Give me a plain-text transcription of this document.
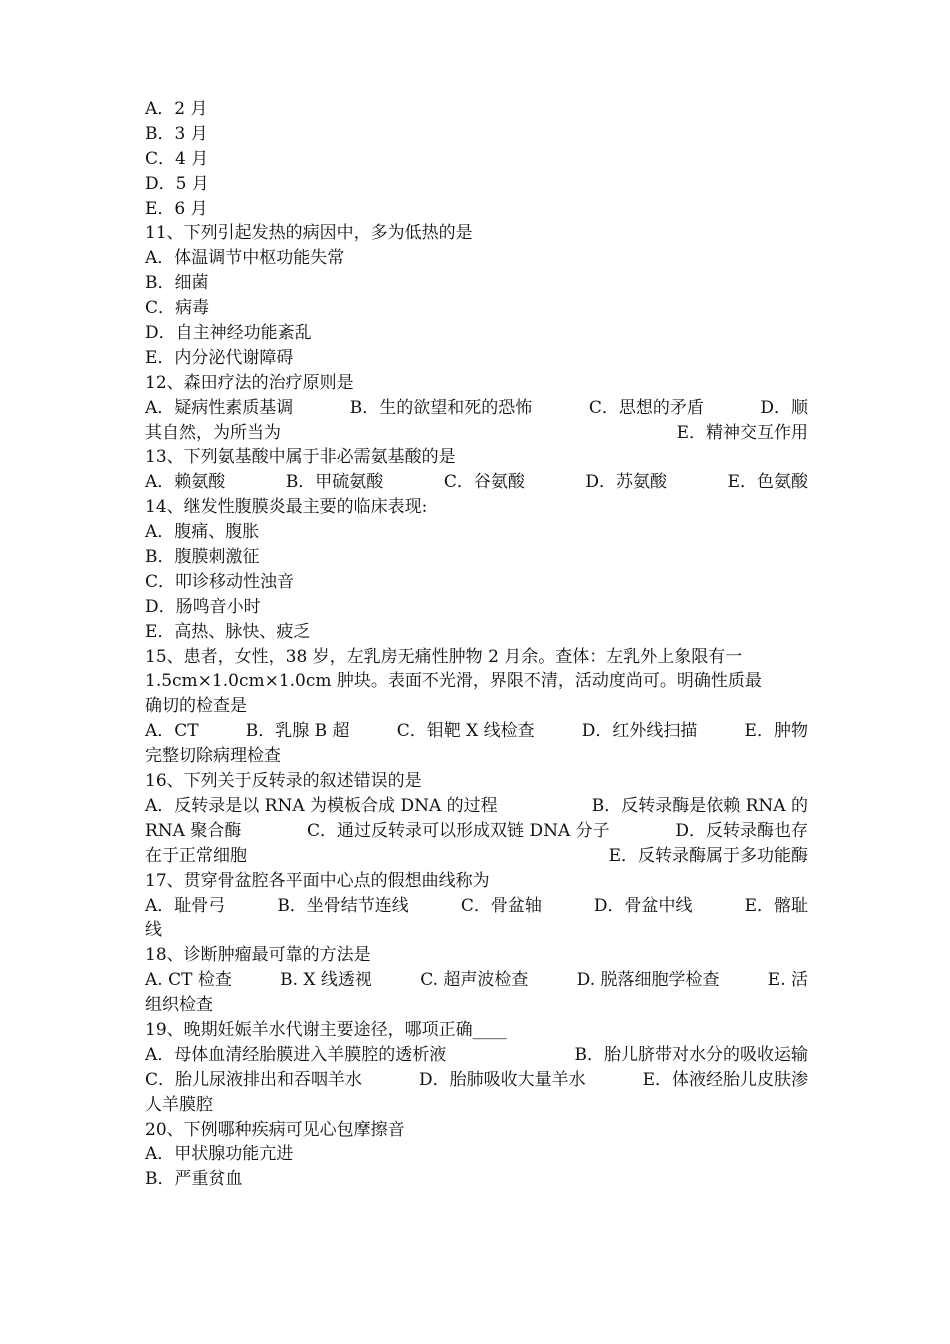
A．2 月
B．3 月
C．4 月
D．5 月
E．6 月
11、下列引起发热的病因中，多为低热的是
A．体温调节中枢功能失常
B．细菌
C．病毒
D．自主神经功能紊乱
E．内分泌代谢障碍
12、森田疗法的治疗原则是
A．疑病性素质基调	B．生的欲望和死的恐怖	C．思想的矛盾	D．顺
其自然，为所当为	E．精神交互作用
13、下列氨基酸中属于非必需氨基酸的是
A．赖氨酸	B．甲硫氨酸	C．谷氨酸	D．苏氨酸	E．色氨酸
14、继发性腹膜炎最主要的临床表现:
A．腹痛、腹胀
B．腹膜刺激征
C．叩诊移动性浊音
D．肠鸣音小时
E．高热、脉快、疲乏
15、患者，女性，38 岁，左乳房无痛性肿物 2 月余。查体：左乳外上象限有一
1.5cm×1.0cm×1.0cm 肿块。表面不光滑，界限不清，活动度尚可。明确性质最
确切的检查是
A．CT	B．乳腺 B 超	C．钼靶 X 线检查	D．红外线扫描	E．肿物
完整切除病理检查
16、下列关于反转录的叙述错误的是
A．反转录是以 RNA 为模板合成 DNA 的过程	B．反转录酶是依赖 RNA 的
RNA 聚合酶	C．通过反转录可以形成双链 DNA 分子	D．反转录酶也存
在于正常细胞	E．反转录酶属于多功能酶
17、贯穿骨盆腔各平面中心点的假想曲线称为
A．耻骨弓	B．坐骨结节连线	C．骨盆轴	D．骨盆中线	E．髂耻
线
18、诊断肿瘤最可靠的方法是
A. CT 检查	B. X 线透视	C. 超声波检查	D. 脱落细胞学检查	E. 活
组织检查
19、晚期妊娠羊水代谢主要途径，哪项正确____
A．母体血清经胎膜进入羊膜腔的透析液	B．胎儿脐带对水分的吸收运输
C．胎儿尿液排出和吞咽羊水	D．胎肺吸收大量羊水	E．体液经胎儿皮肤渗
人羊膜腔
20、下例哪种疾病可见心包摩擦音
A．甲状腺功能亢进
B．严重贫血
